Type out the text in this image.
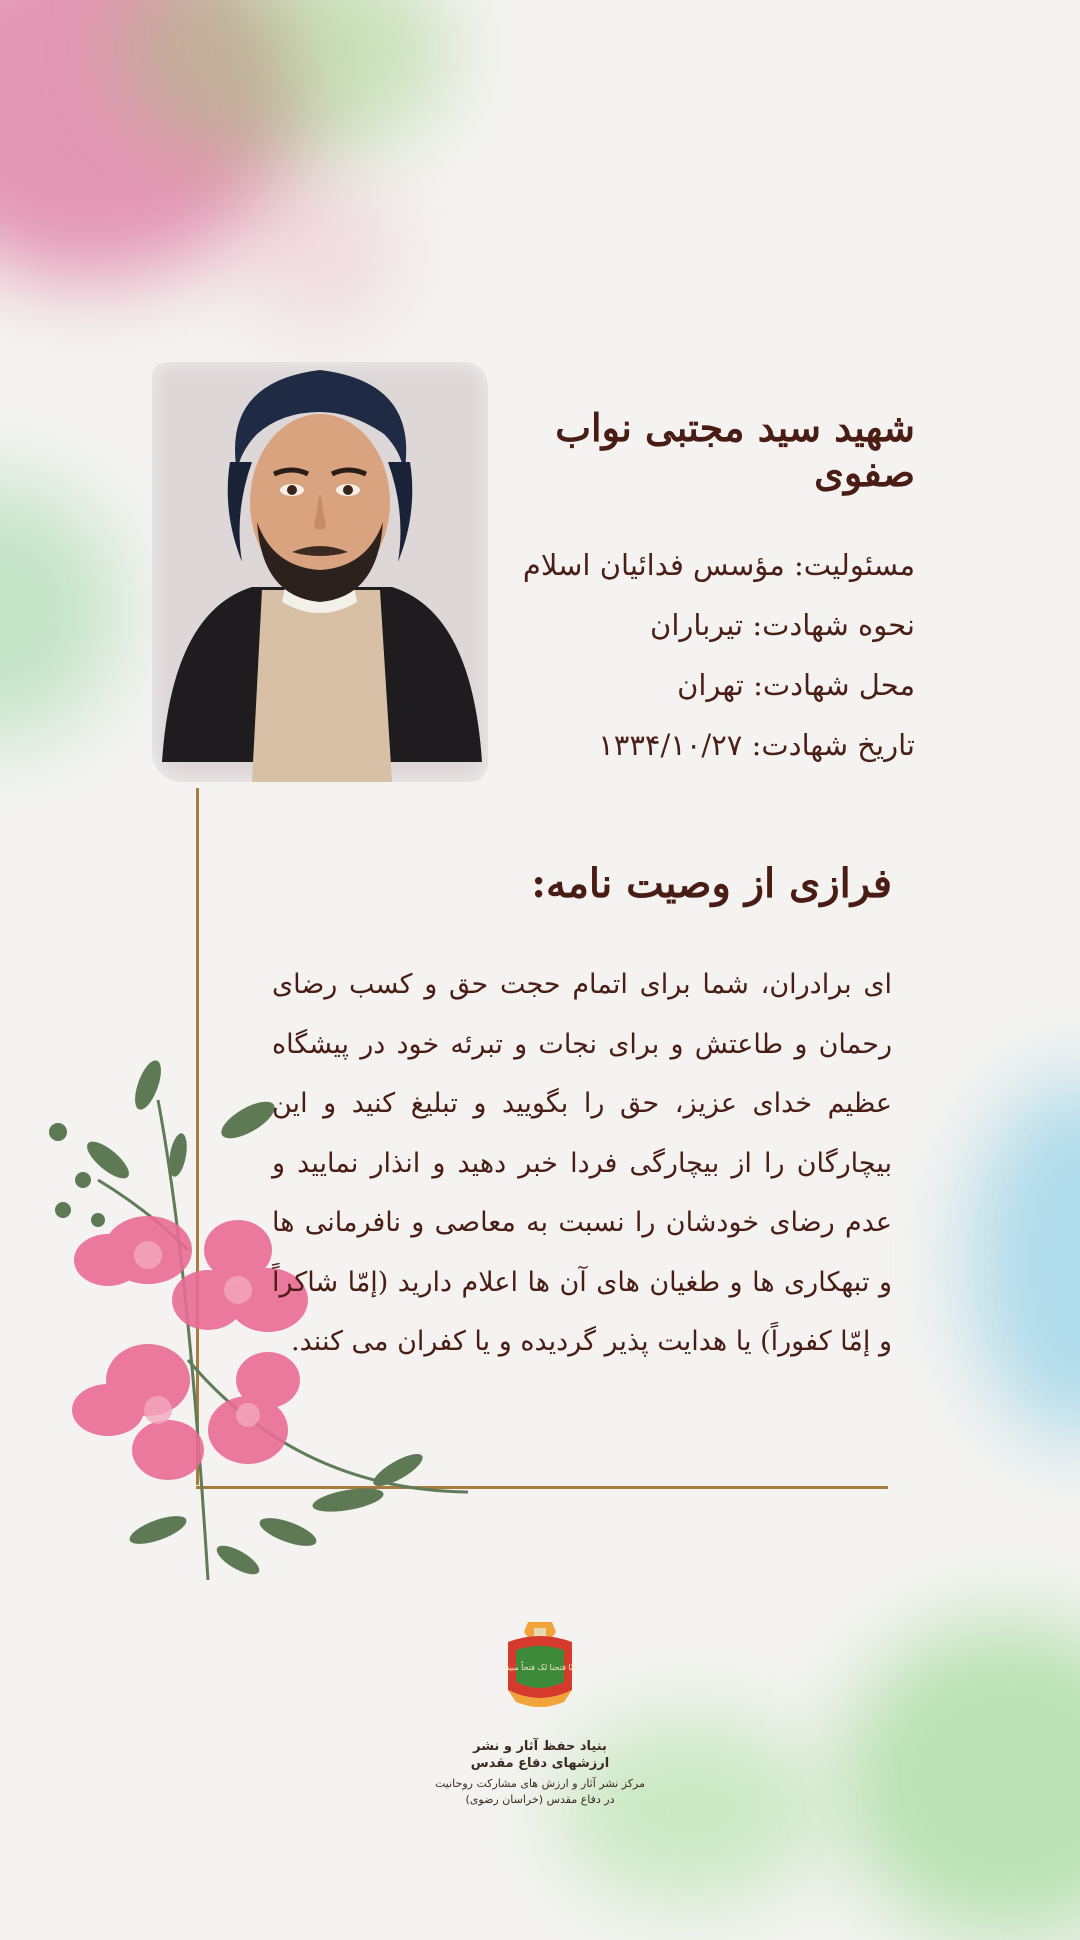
شهید سید مجتبی نواب صفوی

مسئولیت: مؤسس فدائیان اسلام

نحوه شهادت: تیرباران

محل شهادت: تهران

تاریخ شهادت: ۱۳۳۴/۱۰/۲۷

فرازی از وصیت نامه:

ای برادران، شما برای اتمام حجت حق و کسب رضای رحمان و طاعتش و برای نجات و تبرئه خود در پیشگاه عظیم خدای عزیز، حق را بگویید و تبلیغ کنید و این بیچارگان را از بیچارگی فردا خبر دهید و انذار نمایید و عدم رضای خودشان را نسبت به معاصی و نافرمانی ها و تبهکاری ها و طغیان های آن ها اعلام دارید (إمّا شاکراً و إمّا کفوراً) یا هدایت پذیر گردیده و یا کفران می کنند.

انّا فتحنا لک فتحاً مبینا

بنیاد حفظ آثار و نشر

ارزشهای دفاع مقدس

مرکز نشر آثار و ارزش های مشارکت روحانیت

در دفاع مقدس (خراسان رضوی)
